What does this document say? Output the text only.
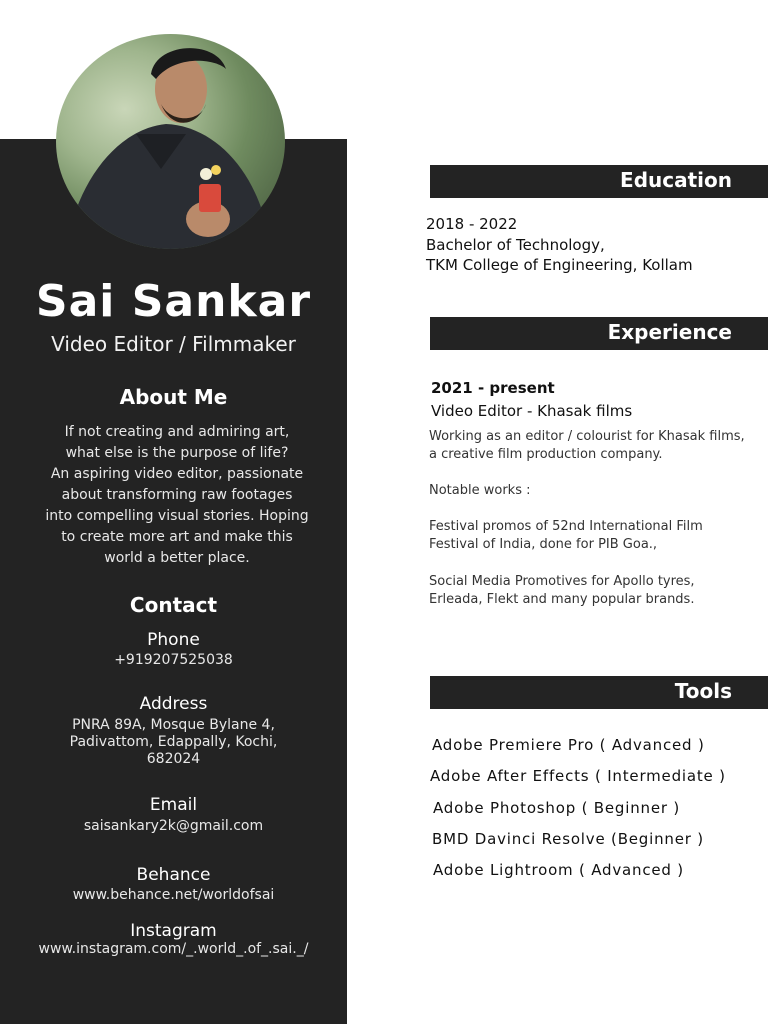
Sai Sankar
Video Editor / Filmmaker
About Me
If not creating and admiring art,
what else is the purpose of life?
An aspiring video editor, passionate
about transforming raw footages
into compelling visual stories. Hoping
to create more art and make this
world a better place.
Contact
Phone
+919207525038
Address
PNRA 89A, Mosque Bylane 4,
Padivattom, Edappally, Kochi,
682024
Email
saisankary2k@gmail.com
Behance
www.behance.net/worldofsai
Instagram
www.instagram.com/_.world_.of_.sai._/
Education
2018 - 2022
Bachelor of Technology,
TKM College of Engineering, Kollam
Experience
2021 - present
Video Editor - Khasak films
Working as an editor / colourist for Khasak films,
a creative film production company.
Notable works :
Festival promos of 52nd International Film
Festival of India, done for PIB Goa.,
Social Media Promotives for Apollo tyres,
Erleada, Flekt and many popular brands.
Tools
Adobe Premiere Pro ( Advanced )
Adobe After Effects ( Intermediate )
Adobe Photoshop ( Beginner )
BMD Davinci Resolve (Beginner )
Adobe Lightroom ( Advanced )
